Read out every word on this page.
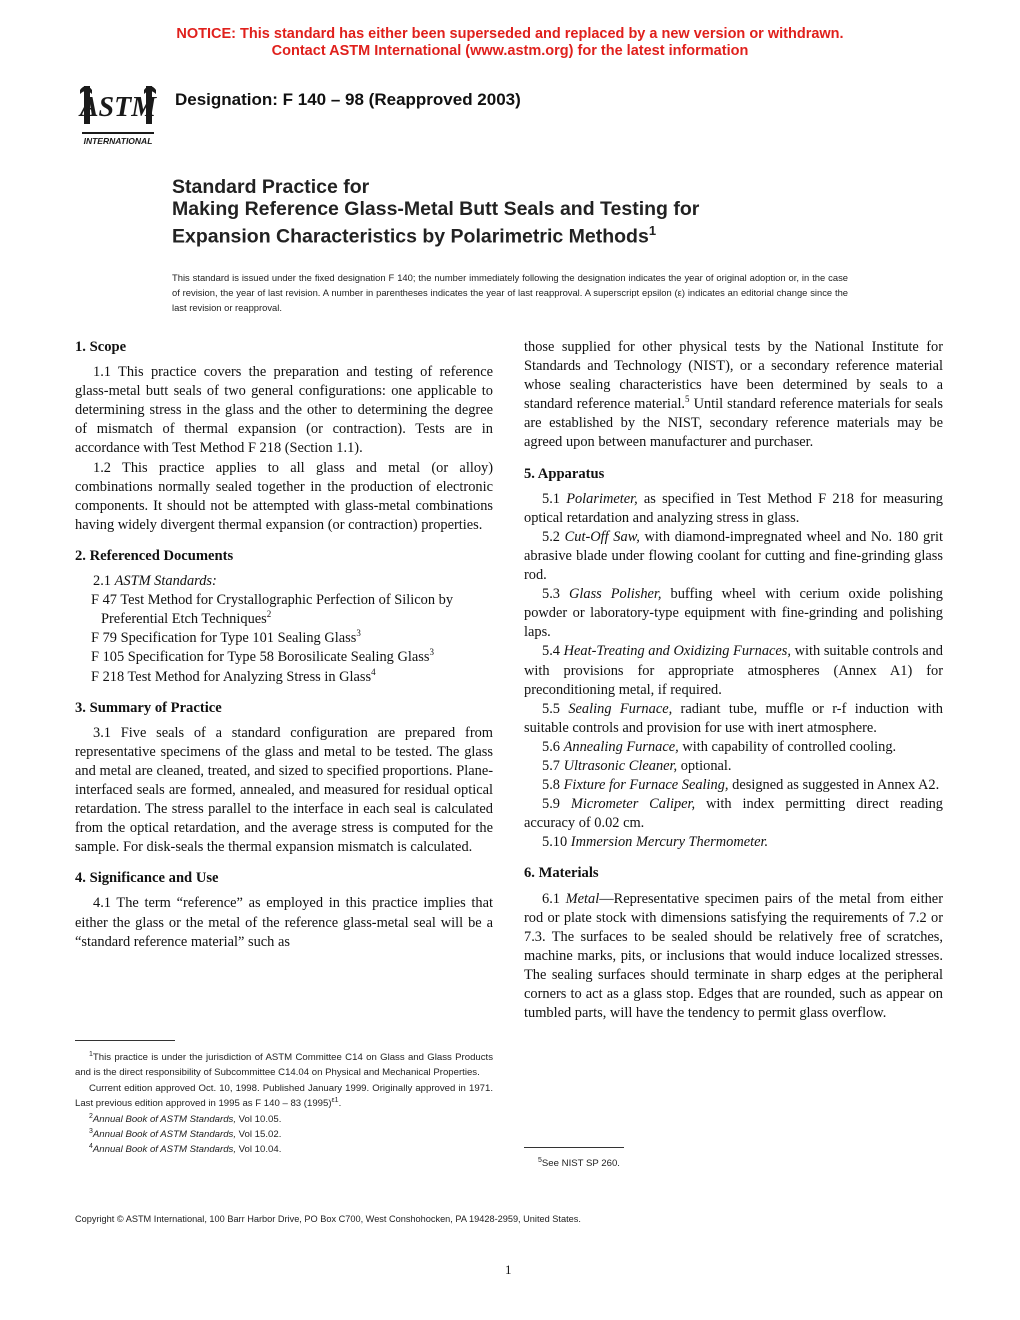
NOTICE: This standard has either been superseded and replaced by a new version or withdrawn.
Contact ASTM International (www.astm.org) for the latest information
ASTM
INTERNATIONAL
Designation: F 140 – 98 (Reapproved 2003)
Standard Practice for
Making Reference Glass-Metal Butt Seals and Testing for
Expansion Characteristics by Polarimetric Methods$^1$
This standard is issued under the fixed designation F 140; the number immediately following the designation indicates the year of original adoption or, in the case of revision, the year of last revision. A number in parentheses indicates the year of last reapproval. A superscript epsilon (ε) indicates an editorial change since the last revision or reapproval.

1. Scope

1.1 This practice covers the preparation and testing of reference glass-metal butt seals of two general configurations: one applicable to determining stress in the glass and the other to determining the degree of mismatch of thermal expansion (or contraction). Tests are in accordance with Test Method F 218 (Section 1.1).

1.2 This practice applies to all glass and metal (or alloy) combinations normally sealed together in the production of electronic components. It should not be attempted with glass-metal combinations having widely divergent thermal expansion (or contraction) properties.

2. Referenced Documents

2.1 ASTM Standards:

F 47 Test Method for Crystallographic Perfection of Silicon by Preferential Etch Techniques$^2$

F 79 Specification for Type 101 Sealing Glass$^3$

F 105 Specification for Type 58 Borosilicate Sealing Glass$^3$

F 218 Test Method for Analyzing Stress in Glass$^4$

3. Summary of Practice

3.1 Five seals of a standard configuration are prepared from representative specimens of the glass and metal to be tested. The glass and metal are cleaned, treated, and sized to specified proportions. Plane-interfaced seals are formed, annealed, and measured for residual optical retardation. The stress parallel to the interface in each seal is calculated from the optical retardation, and the average stress is computed for the sample. For disk-seals the thermal expansion mismatch is calculated.

4. Significance and Use

4.1 The term “reference” as employed in this practice implies that either the glass or the metal of the reference glass-metal seal will be a “standard reference material” such as

$^1$This practice is under the jurisdiction of ASTM Committee C14 on Glass and Glass Products and is the direct responsibility of Subcommittee C14.04 on Physical and Mechanical Properties.

Current edition approved Oct. 10, 1998. Published January 1999. Originally approved in 1971. Last previous edition approved in 1995 as F 140 – 83 $(1995)^{\varepsilon 1}$.

$^2$Annual Book of ASTM Standards, Vol 10.05.

$^3$Annual Book of ASTM Standards, Vol 15.02.

$^4$Annual Book of ASTM Standards, Vol 10.04.

those supplied for other physical tests by the National Institute for Standards and Technology (NIST), or a secondary reference material whose sealing characteristics have been determined by seals to a standard reference material.$^5$ Until standard reference materials for seals are established by the NIST, secondary reference materials may be agreed upon between manufacturer and purchaser.

5. Apparatus

5.1 Polarimeter, as specified in Test Method F 218 for measuring optical retardation and analyzing stress in glass.

5.2 Cut-Off Saw, with diamond-impregnated wheel and No. 180 grit abrasive blade under flowing coolant for cutting and fine-grinding glass rod.

5.3 Glass Polisher, buffing wheel with cerium oxide polishing powder or laboratory-type equipment with fine-grinding and polishing laps.

5.4 Heat-Treating and Oxidizing Furnaces, with suitable controls and with provisions for appropriate atmospheres (Annex A1) for preconditioning metal, if required.

5.5 Sealing Furnace, radiant tube, muffle or r-f induction with suitable controls and provision for use with inert atmosphere.

5.6 Annealing Furnace, with capability of controlled cooling.

5.7 Ultrasonic Cleaner, optional.

5.8 Fixture for Furnace Sealing, designed as suggested in Annex A2.

5.9 Micrometer Caliper, with index permitting direct reading accuracy of 0.02 cm.

5.10 Immersion Mercury Thermometer.

6. Materials

6.1 Metal—Representative specimen pairs of the metal from either rod or plate stock with dimensions satisfying the requirements of 7.2 or 7.3. The surfaces to be sealed should be relatively free of scratches, machine marks, pits, or inclusions that would induce localized stresses. The sealing surfaces should terminate in sharp edges at the peripheral corners to act as a glass stop. Edges that are rounded, such as appear on tumbled parts, will have the tendency to permit glass overflow.

$^5$See NIST SP 260.

Copyright © ASTM International, 100 Barr Harbor Drive, PO Box C700, West Conshohocken, PA 19428-2959, United States.
1
